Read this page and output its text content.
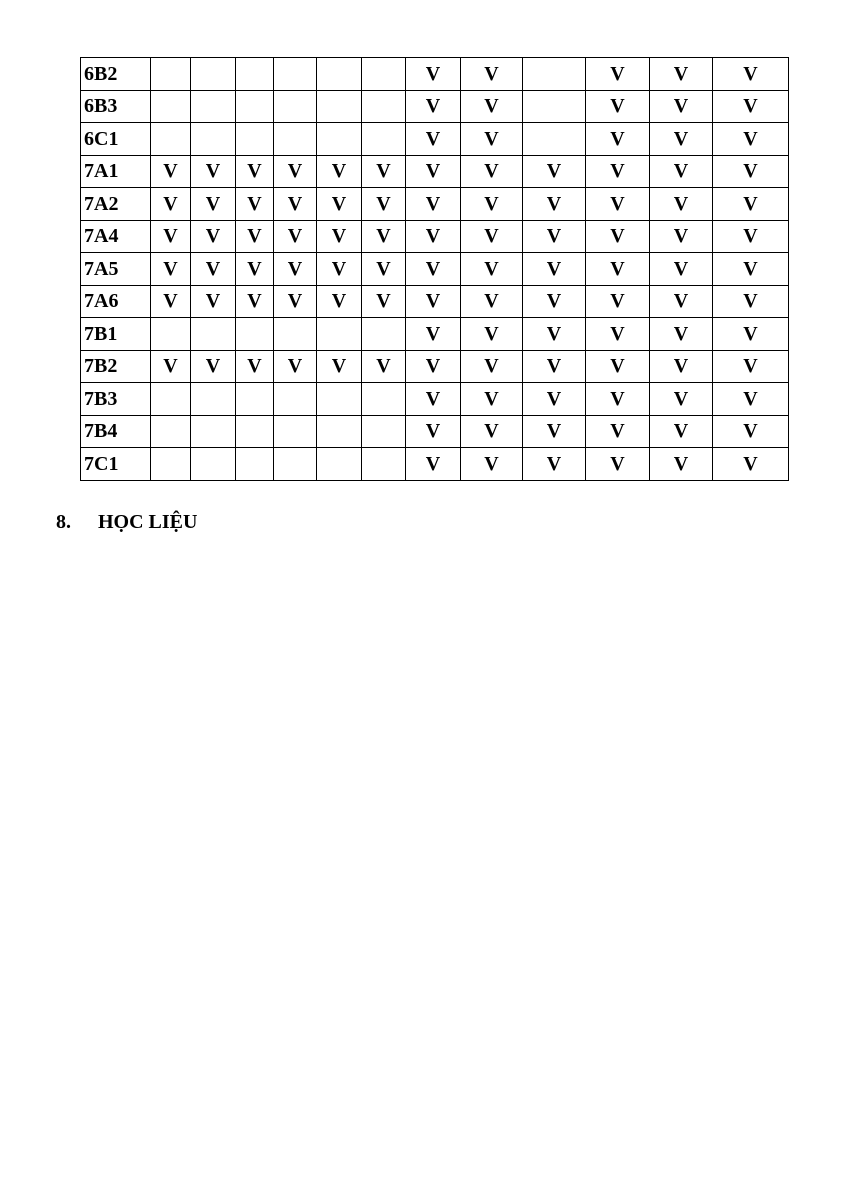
6B2							V	V		V	V	V
6B3							V	V		V	V	V
6C1							V	V		V	V	V
7A1	V	V	V	V	V	V	V	V	V	V	V	V
7A2	V	V	V	V	V	V	V	V	V	V	V	V
7A4	V	V	V	V	V	V	V	V	V	V	V	V
7A5	V	V	V	V	V	V	V	V	V	V	V	V
7A6	V	V	V	V	V	V	V	V	V	V	V	V
7B1							V	V	V	V	V	V
7B2	V	V	V	V	V	V	V	V	V	V	V	V
7B3							V	V	V	V	V	V
7B4							V	V	V	V	V	V
7C1							V	V	V	V	V	V
8. HỌC LIỆU
